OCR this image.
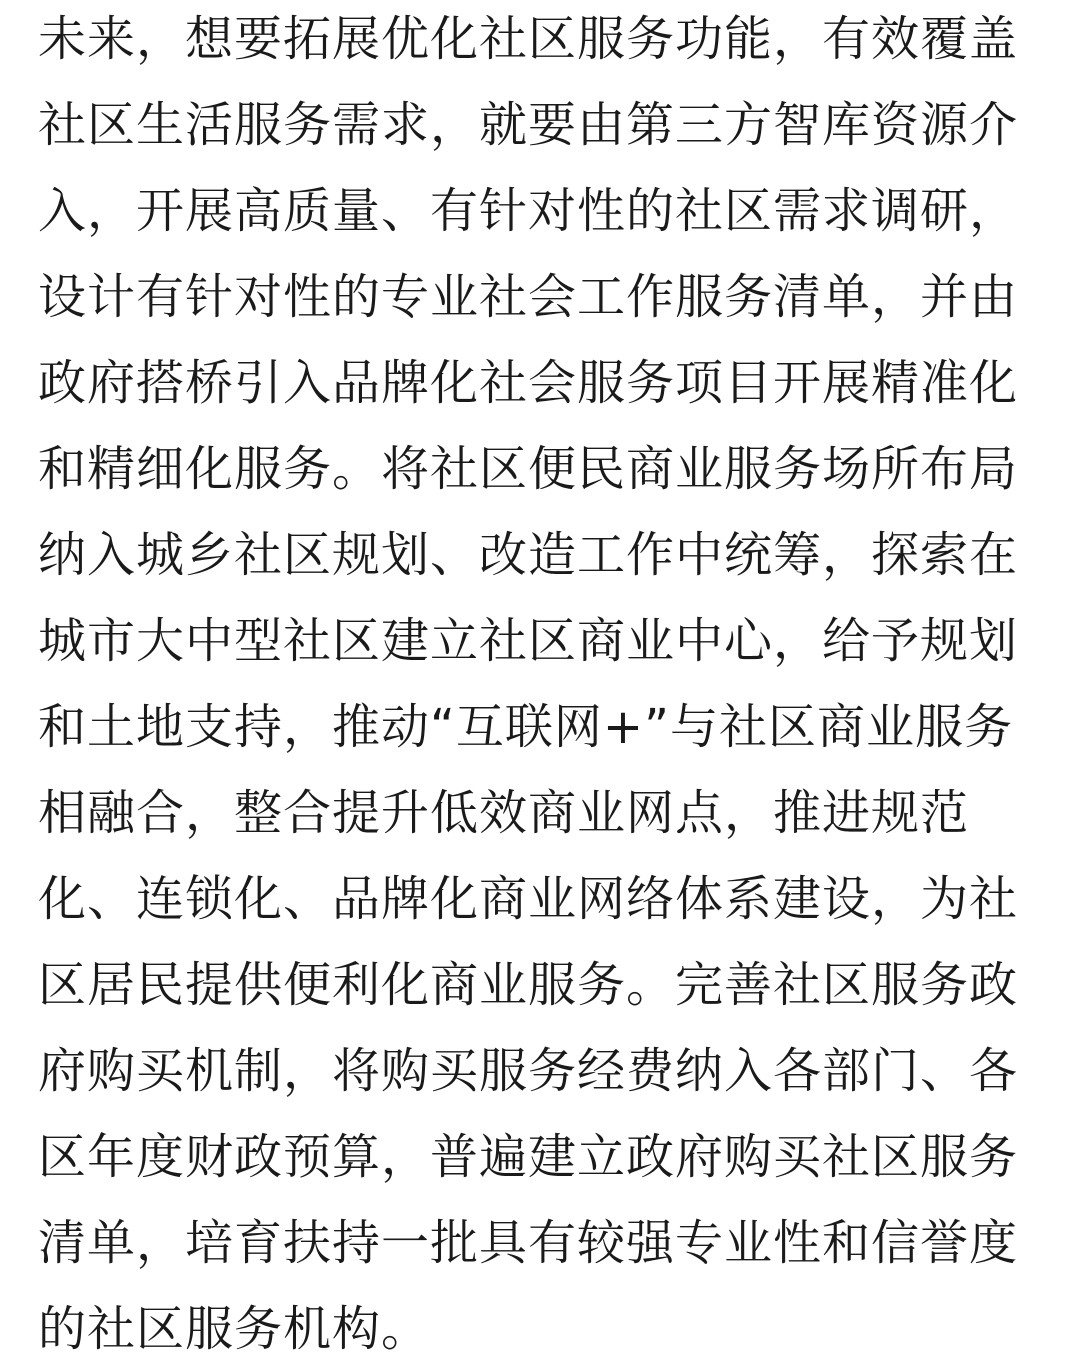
未来，想要拓展优化社区服务功能，有效覆盖
社区生活服务需求，就要由第三方智库资源介
入，开展高质量、有针对性的社区需求调研，
设计有针对性的专业社会工作服务清单，并由
政府搭桥引入品牌化社会服务项目开展精准化
和精细化服务。将社区便民商业服务场所布局
纳入城乡社区规划、改造工作中统筹，探索在
城市大中型社区建立社区商业中心，给予规划
和土地支持，推动“互联网+”与社区商业服务
相融合，整合提升低效商业网点，推进规范
化、连锁化、品牌化商业网络体系建设，为社
区居民提供便利化商业服务。完善社区服务政
府购买机制，将购买服务经费纳入各部门、各
区年度财政预算，普遍建立政府购买社区服务
清单，培育扶持一批具有较强专业性和信誉度
的社区服务机构。
